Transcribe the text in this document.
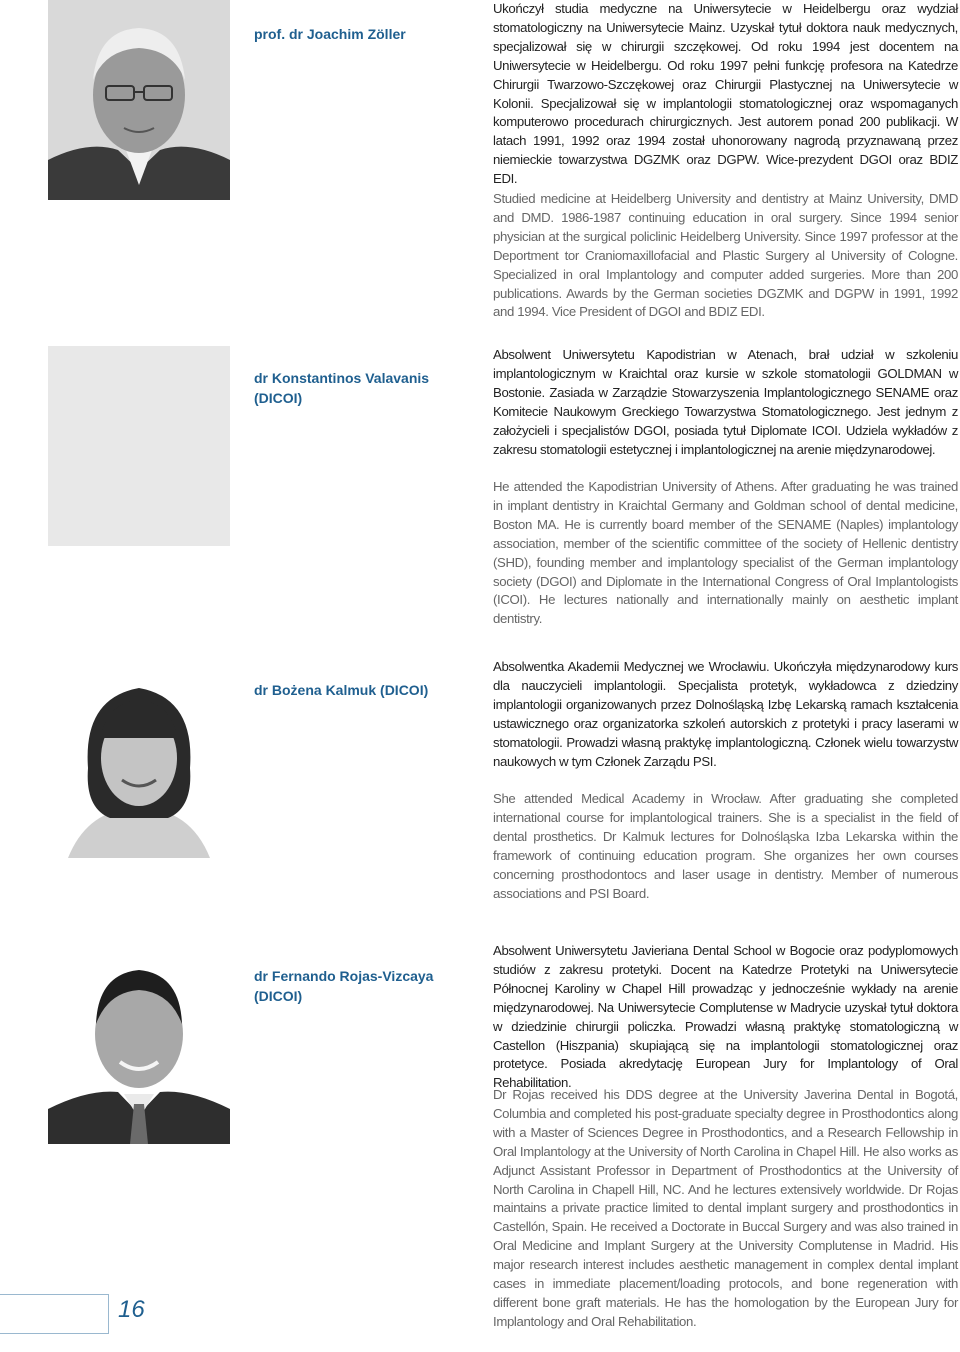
prof. dr Joachim Zöller

Ukończył studia medyczne na Uniwersytecie w Heidelbergu oraz wydział stomatologiczny na Uniwersytecie Mainz. Uzyskał tytuł doktora nauk medycznych, specjalizował się w chirurgii szczękowej. Od roku 1994 jest docentem na Uniwersytecie w Heidelbergu. Od roku 1997 pełni funkcję profesora na Katedrze Chirurgii Twarzowo-Szczękowej oraz Chirurgii Plastycznej na Uniwersytecie w Kolonii. Specjalizował się w implantologii stomatologicznej oraz wspomaganych komputerowo procedurach chirurgicznych. Jest autorem ponad 200 publikacji. W latach 1991, 1992 oraz 1994 został uhonorowany nagrodą przyznawaną przez niemieckie towarzystwa DGZMK oraz DGPW. Wice-prezydent DGOI oraz BDIZ EDI.

Studied medicine at Heidelberg University and dentistry at Mainz University, DMD and DMD. 1986-1987 continuing education in oral surgery. Since 1994 senior physician at the surgical policlinic Heidelberg University. Since 1997 professor at the Deportment tor Craniomaxillofacial and Plastic Surgery al University of Cologne. Specialized in oral Implantology and computer added surgeries. More than 200 publications. Awards by the German societies DGZMK and DGPW in 1991, 1992 and 1994. Vice President of DGOI and BDIZ EDI.

dr Konstantinos Valavanis
(DICOI)

Absolwent Uniwersytetu Kapodistrian w Atenach, brał udział w szkoleniu implantologicznym w Kraichtal oraz kursie w szkole stomatologii GOLDMAN w Bostonie. Zasiada w Zarządzie Stowarzyszenia Implantologicznego SENAME oraz Komitecie Naukowym Greckiego Towarzystwa Stomatologicznego. Jest jednym z założycieli i specjalistów DGOI, posiada tytuł Diplomate ICOI. Udziela wykładów z zakresu stomatologii estetycznej i implantologicznej na arenie międzynarodowej.

He attended the Kapodistrian University of Athens. After graduating he was trained in implant dentistry in Kraichtal Germany and Goldman school of dental medicine, Boston MA. He is currently board member of the SENAME (Naples) implantology association, member of the scientific committee of the society of Hellenic dentistry (SHD), founding member and implantology specialist of the German implantology society (DGOI) and Diplomate in the International Congress of Oral Implantologists (ICOI). He lectures nationally and internationally mainly on aesthetic implant dentistry.

dr Bożena Kalmuk (DICOI)

Absolwentka Akademii Medycznej we Wrocławiu. Ukończyła międzynarodowy kurs dla nauczycieli implantologii. Specjalista protetyk, wykładowca z dziedziny implantologii organizowanych przez Dolnośląską Izbę Lekarską ramach kształcenia ustawicznego oraz organizatorka szkoleń autorskich z protetyki i pracy laserami w stomatologii. Prowadzi własną praktykę implantologiczną. Członek wielu towarzystw naukowych w tym Członek Zarządu PSI.

She attended Medical Academy in Wrocław. After graduating she completed international course for implantological trainers. She is a specialist in the field of dental prosthetics. Dr Kalmuk lectures for Dolnośląska Izba Lekarska within the framework of continuing education program. She organizes her own courses concerning prosthodontocs and laser usage in dentistry. Member of numerous associations and PSI Board.

dr Fernando Rojas-Vizcaya
(DICOI)

Absolwent Uniwersytetu Javieriana Dental School w Bogocie oraz podyplomowych studiów z zakresu protetyki. Docent na Katedrze Protetyki na Uniwersytecie Północnej Karoliny w Chapel Hill prowadząc y jednocześnie wykłady na arenie międzynarodowej. Na Uniwersytecie Complutense w Madrycie uzyskał tytuł doktora w dziedzinie chirurgii policzka. Prowadzi własną praktykę stomatologiczną w Castellon (Hiszpania) skupiającą się na implantologii stomatologicznej oraz protetyce. Posiada akredytację European Jury for Implantology of Oral Rehabilitation.

Dr Rojas received his DDS degree at the University Javerina Dental in Bogotá, Columbia and completed his post-graduate specialty degree in Prosthodontics along with a Master of Sciences Degree in Prosthodontics, and a Research Fellowship in Oral Implantology at the University of North Carolina in Chapel Hill. He also works as Adjunct Assistant Professor in Department of Prosthodontics at the University of North Carolina in Chapell Hill, NC. And he lectures extensively worldwide. Dr Rojas maintains a private practice limited to dental implant surgery and prosthodontics in Castellón, Spain. He received a Doctorate in Buccal Surgery and was also trained in Oral Medicine and Implant Surgery at the University Complutense in Madrid. His major research interest includes aesthetic management in complex dental implant cases in immediate placement/loading protocols, and bone regeneration with different bone graft materials. He has the homologation by the European Jury for Implantology and Oral Rehabilitation.

16
